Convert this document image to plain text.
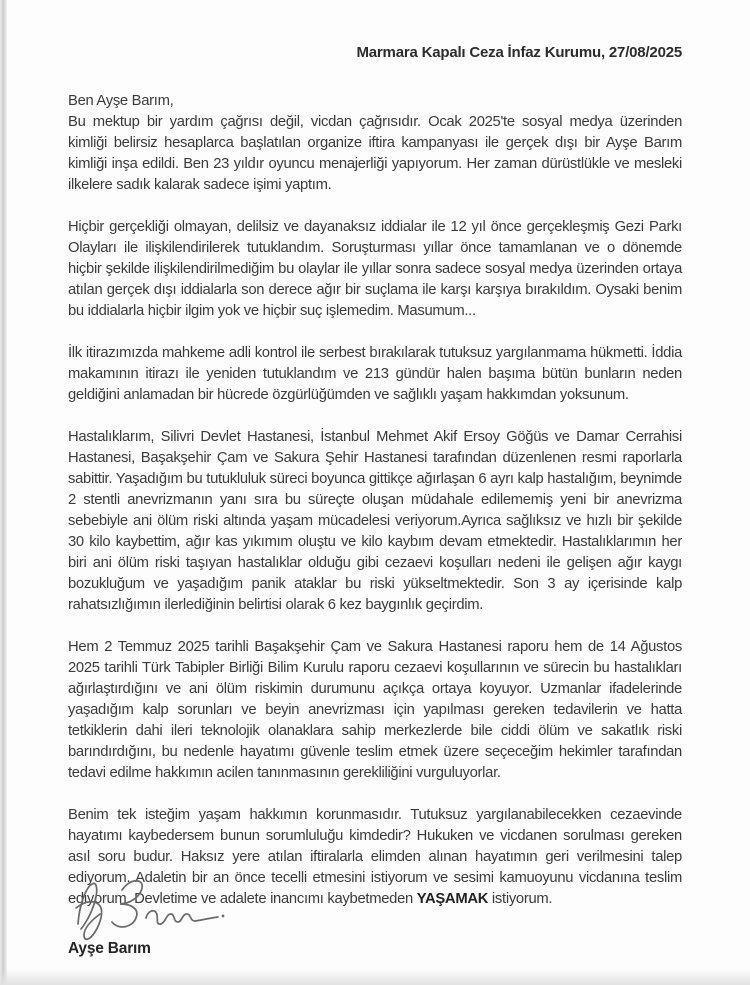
Marmara Kapalı Ceza İnfaz Kurumu, 27/08/2025

Ben Ayşe Barım,

Bu mektup bir yardım çağrısı değil, vicdan çağrısıdır. Ocak 2025'te sosyal medya üzerinden kimliği belirsiz hesaplarca başlatılan organize iftira kampanyası ile gerçek dışı bir Ayşe Barım kimliği inşa edildi. Ben 23 yıldır oyuncu menajerliği yapıyorum. Her zaman dürüstlükle ve mesleki ilkelere sadık kalarak sadece işimi yaptım.

Hiçbir gerçekliği olmayan, delilsiz ve dayanaksız iddialar ile 12 yıl önce gerçekleşmiş Gezi Parkı Olayları ile ilişkilendirilerek tutuklandım. Soruşturması yıllar önce tamamlanan ve o dönemde hiçbir şekilde ilişkilendirilmediğim bu olaylar ile yıllar sonra sadece sosyal medya üzerinden ortaya atılan gerçek dışı iddialarla son derece ağır bir suçlama ile karşı karşıya bırakıldım. Oysaki benim bu iddialarla hiçbir ilgim yok ve hiçbir suç işlemedim. Masumum...

İlk itirazımızda mahkeme adli kontrol ile serbest bırakılarak tutuksuz yargılanmama hükmetti. İddia makamının itirazı ile yeniden tutuklandım ve 213 gündür halen başıma bütün bunların neden geldiğini anlamadan bir hücrede özgürlüğümden ve sağlıklı yaşam hakkımdan yoksunum.

Hastalıklarım, Silivri Devlet Hastanesi, İstanbul Mehmet Akif Ersoy Göğüs ve Damar Cerrahisi Hastanesi, Başakşehir Çam ve Sakura Şehir Hastanesi tarafından düzenlenen resmi raporlarla sabittir. Yaşadığım bu tutukluluk süreci boyunca gittikçe ağırlaşan 6 ayrı kalp hastalığım, beynimde 2 stentli anevrizmanın yanı sıra bu süreçte oluşan müdahale edilememiş yeni bir anevrizma sebebiyle ani ölüm riski altında yaşam mücadelesi veriyorum.Ayrıca sağlıksız ve hızlı bir şekilde 30 kilo kaybettim, ağır kas yıkımım oluştu ve kilo kaybım devam etmektedir. Hastalıklarımın her biri ani ölüm riski taşıyan hastalıklar olduğu gibi cezaevi koşulları nedeni ile gelişen ağır kaygı bozukluğum ve yaşadığım panik ataklar bu riski yükseltmektedir. Son 3 ay içerisinde kalp rahatsızlığımın ilerlediğinin belirtisi olarak 6 kez baygınlık geçirdim.

Hem 2 Temmuz 2025 tarihli Başakşehir Çam ve Sakura Hastanesi raporu hem de 14 Ağustos 2025 tarihli Türk Tabipler Birliği Bilim Kurulu raporu cezaevi koşullarının ve sürecin bu hastalıkları ağırlaştırdığını ve ani ölüm riskimin durumunu açıkça ortaya koyuyor. Uzmanlar ifadelerinde yaşadığım kalp sorunları ve beyin anevrizması için yapılması gereken tedavilerin ve hatta tetkiklerin dahi ileri teknolojik olanaklara sahip merkezlerde bile ciddi ölüm ve sakatlık riski barındırdığını, bu nedenle hayatımı güvenle teslim etmek üzere seçeceğim hekimler tarafından tedavi edilme hakkımın acilen tanınmasının gerekliliğini vurguluyorlar.

Benim tek isteğim yaşam hakkımın korunmasıdır. Tutuksuz yargılanabilecekken cezaevinde hayatımı kaybedersem bunun sorumluluğu kimdedir? Hukuken ve vicdanen sorulması gereken asıl soru budur. Haksız yere atılan iftiralarla elimden alınan hayatımın geri verilmesini talep ediyorum. Adaletin bir an önce tecelli etmesini istiyorum ve sesimi kamuoyunu vicdanına teslim ediyorum. Devletime ve adalete inancımı kaybetmeden YAŞAMAK istiyorum.

Ayşe Barım
